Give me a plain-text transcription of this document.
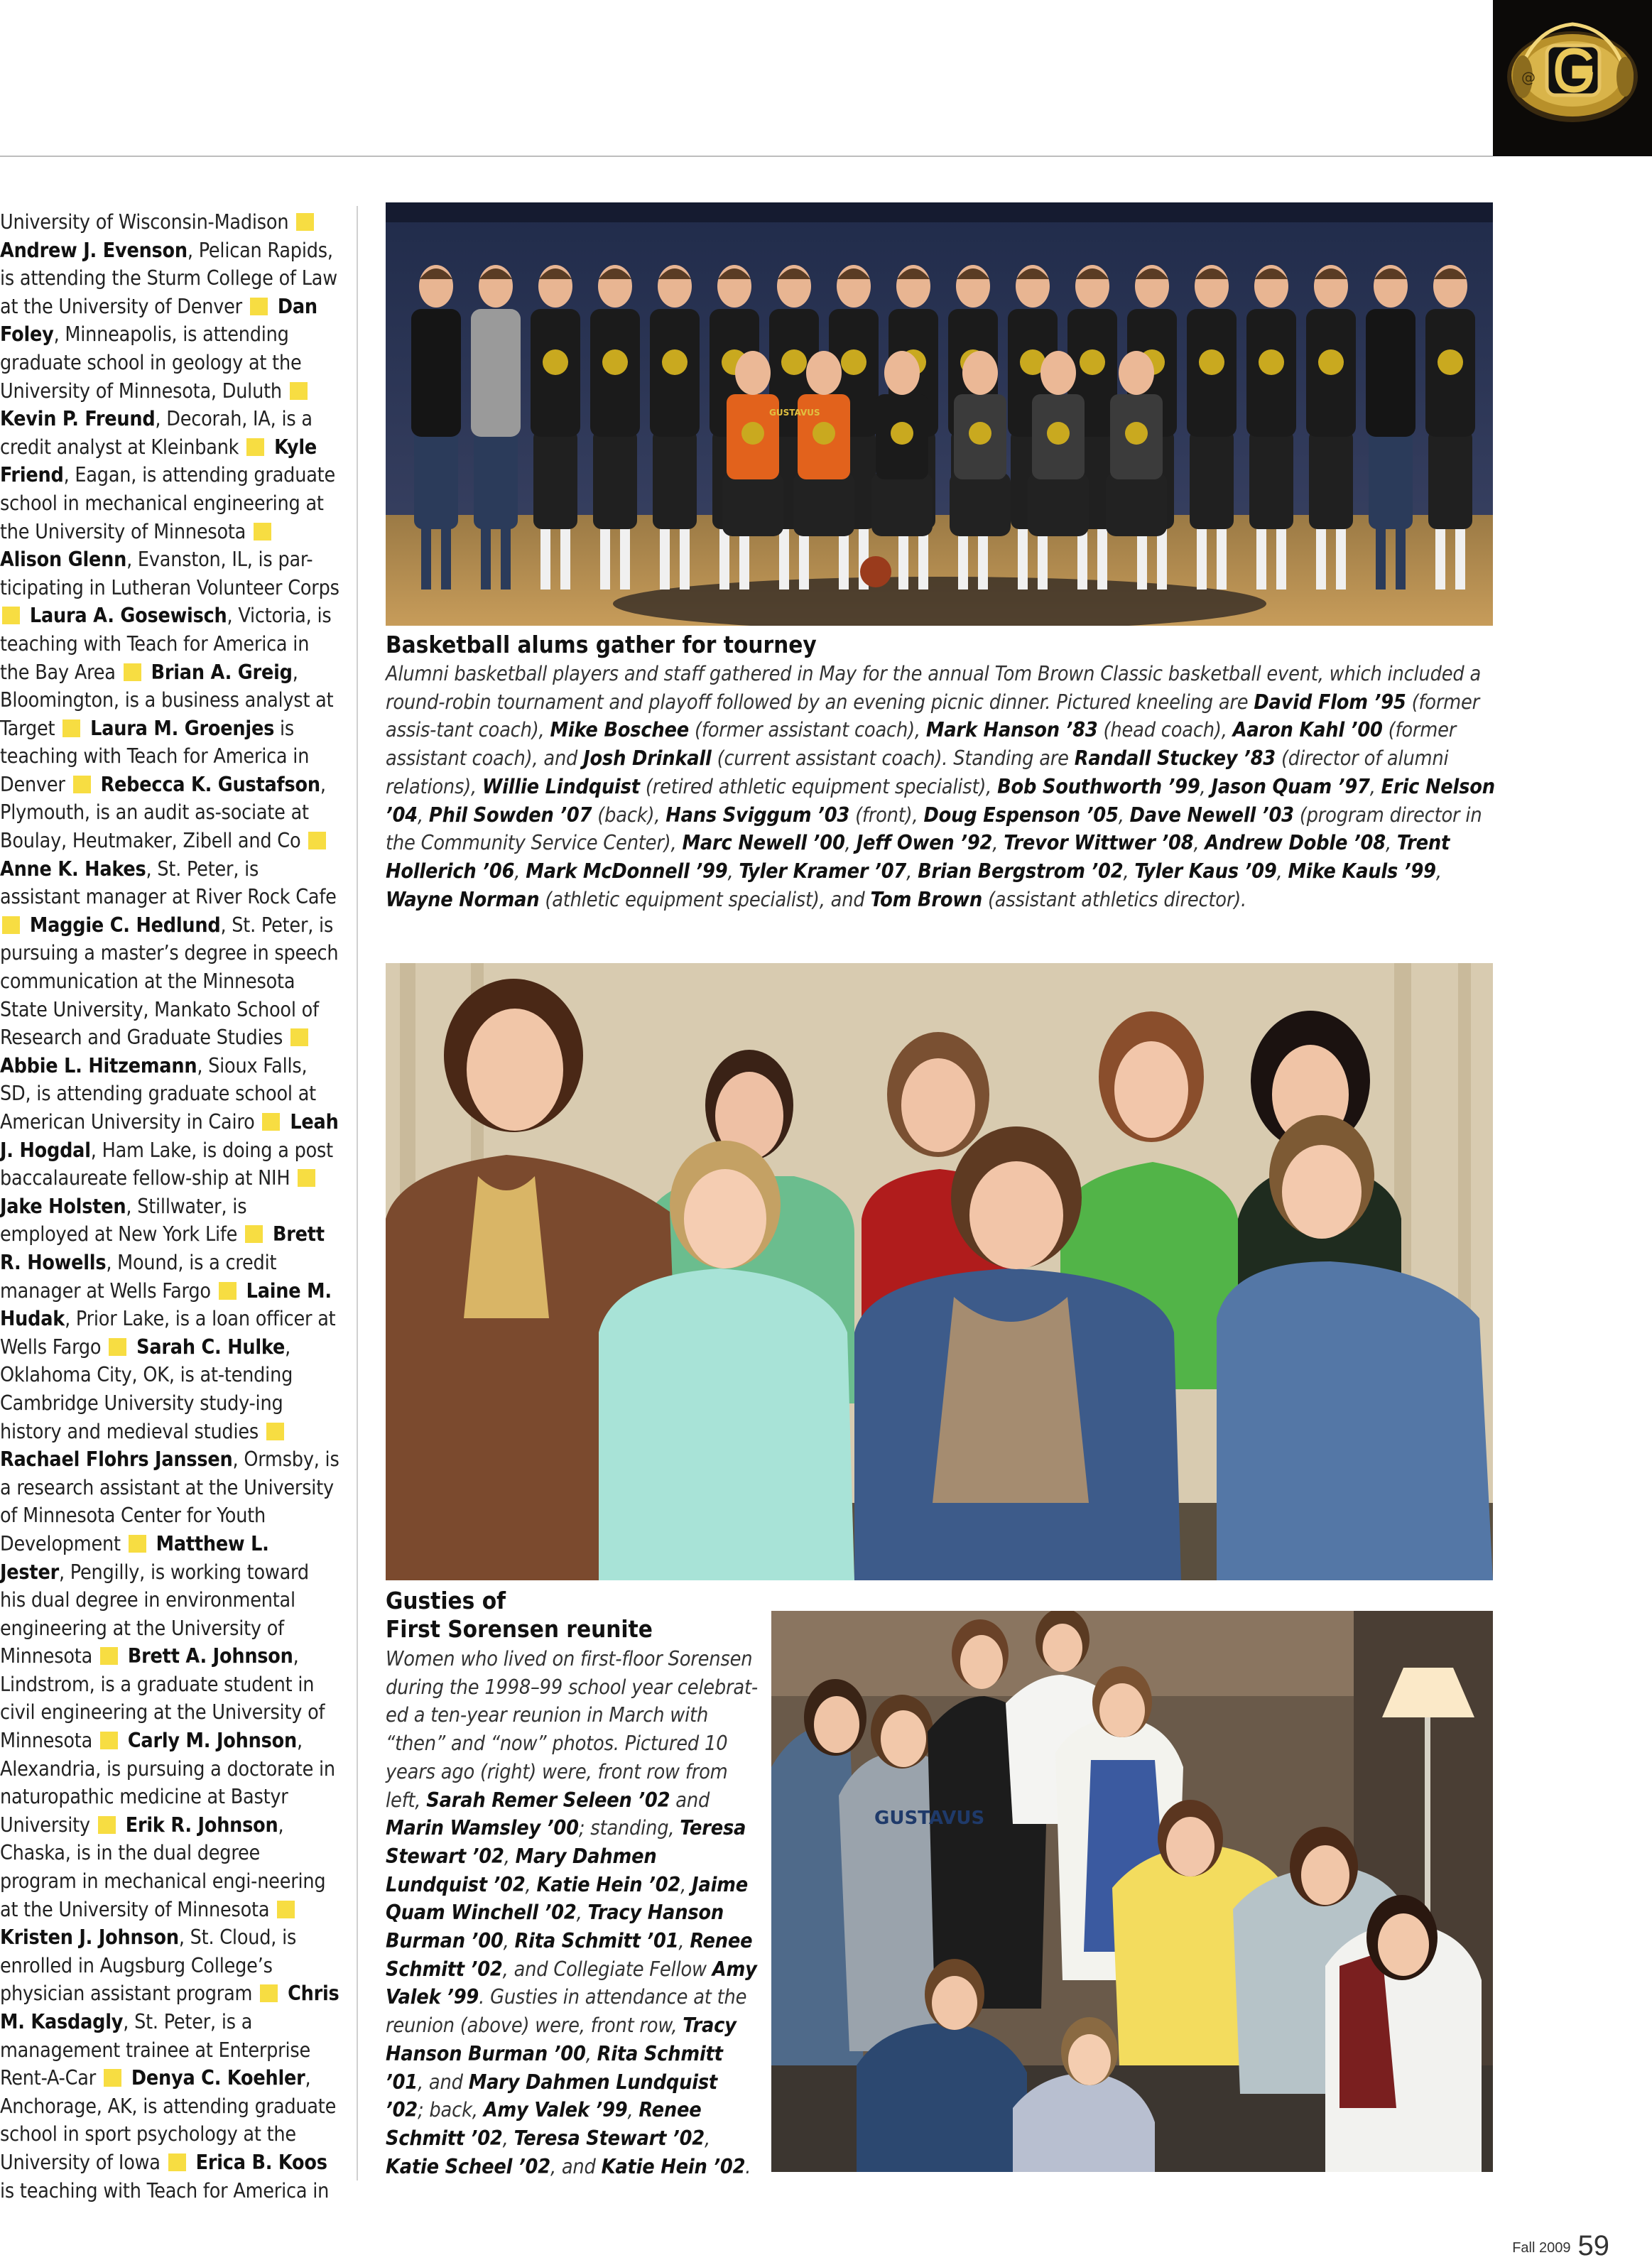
@
University of Wisconsin-Madison  Andrew J. Evenson, Pelican Rapids, is attending the Sturm College of Law at the University of Denver Dan Foley, Minneapolis, is attending graduate school in geology at the University of Minnesota, Duluth  Kevin P. Freund, Decorah, IA, is a credit analyst at Kleinbank Kyle Friend, Eagan, is attending graduate school in mechanical engineering at the University of Minnesota  Alison Glenn, Evanston, IL, is par-ticipating in Lutheran Volunteer Corps  Laura A. Gosewisch, Victoria, is teaching with Teach for America in the Bay Area Brian A. Greig, Bloomington, is a business analyst at Target Laura M. Groenjes is teaching with Teach for America in Denver Rebecca K. Gustafson, Plymouth, is an audit as-sociate at Boulay, Heutmaker, Zibell and Co  Anne K. Hakes, St. Peter, is assistant manager at River Rock Cafe  Maggie C. Hedlund, St. Peter, is pursuing a master’s degree in speech communication at the Minnesota State University, Mankato School of Research and Graduate Studies  Abbie L. Hitzemann, Sioux Falls, SD, is attending graduate school at American University in Cairo Leah J. Hogdal, Ham Lake, is doing a post baccalaureate fellow-ship at NIH  Jake Holsten, Stillwater, is employed at New York Life Brett R. Howells, Mound, is a credit manager at Wells Fargo Laine M. Hudak, Prior Lake, is a loan officer at Wells Fargo Sarah C. Hulke, Oklahoma City, OK, is at-tending Cambridge University study-ing history and medieval studies  Rachael Flohrs Janssen, Ormsby, is a research assistant at the University of Minnesota Center for Youth Development Matthew L. Jester, Pengilly, is working toward his dual degree in environmental engineering at the University of Minnesota Brett A. Johnson, Lindstrom, is a graduate student in civil engineering at the University of Minnesota Carly M. Johnson, Alexandria, is pursuing a doctorate in naturopathic medicine at Bastyr University Erik R. Johnson, Chaska, is in the dual degree program in mechanical engi-neering at the University of Minnesota  Kristen J. Johnson, St. Cloud, is enrolled in Augsburg College’s physician assistant program Chris M. Kasdagly, St. Peter, is a management trainee at Enterprise Rent-A-Car Denya C. Koehler, Anchorage, AK, is attending graduate school in sport psychology at the University of Iowa Erica B. Koos is teaching with Teach for America in
GUSTAVUS
Basketball alums gather for tourney
Alumni basketball players and staff gathered in May for the annual Tom Brown Classic basketball event, which included a round-robin tournament and playoff followed by an evening picnic dinner. Pictured kneeling are David Flom ’95 (former assis-tant coach), Mike Boschee (former assistant coach), Mark Hanson ’83 (head coach), Aaron Kahl ’00 (former assistant coach), and Josh Drinkall (current assistant coach). Standing are Randall Stuckey ’83 (director of alumni relations), Willie Lindquist (retired athletic equipment specialist), Bob Southworth ’99, Jason Quam ’97, Eric Nelson ’04, Phil Sowden ’07 (back), Hans Sviggum ’03 (front), Doug Espenson ’05, Dave Newell ’03 (program director in the Community Service Center), Marc Newell ’00, Jeff Owen ’92, Trevor Wittwer ’08, Andrew Doble ’08, Trent Hollerich ’06, Mark McDonnell ’99, Tyler Kramer ’07, Brian Bergstrom ’02, Tyler Kaus ’09, Mike Kauls ’99, Wayne Norman (athletic equipment specialist), and Tom Brown (assistant athletics director).
Gusties of
First Sorensen reunite
Women who lived on first-floor Sorensen during the 1998–99 school year celebrat-ed a ten-year reunion in March with “then” and “now” photos. Pictured 10 years ago (right) were, front row from left, Sarah Remer Seleen ’02 and Marin Wamsley ’00; standing, Teresa Stewart ’02, Mary Dahmen Lundquist ’02, Katie Hein ’02, Jaime Quam Winchell ’02, Tracy Hanson Burman ’00, Rita Schmitt ’01, Renee Schmitt ’02, and Collegiate Fellow Amy Valek ’99. Gusties in attendance at the reunion (above) were, front row, Tracy Hanson Burman ’00, Rita Schmitt ’01, and Mary Dahmen Lundquist ’02; back, Amy Valek ’99, Renee Schmitt ’02, Teresa Stewart ’02, Katie Scheel ’02, and Katie Hein ’02.
GUSTAVUS
Fall 2009 59
